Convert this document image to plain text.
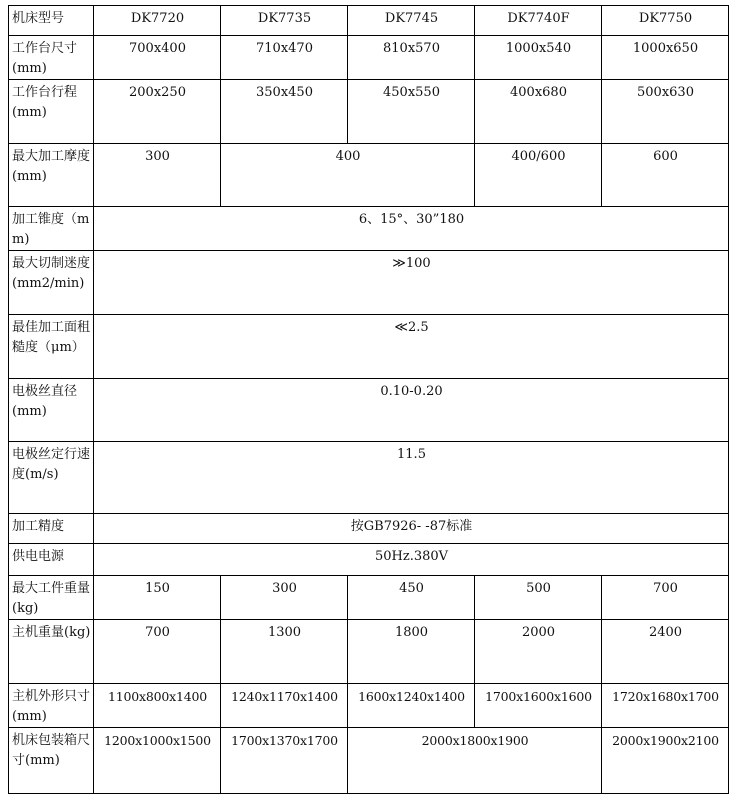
机床型号	DK7720	DK7735	DK7745	DK7740F	DK7750
工作台尺寸(mm)	700x400	710x470	810x570	1000x540	1000x650
工作台行程(mm)	200x250	350x450	450x550	400x680	500x630
最大加工摩度(mm)	300	400		400/600	600
加工锥度（mm)	6、15°、30”180				
最大切制迷度(mm2/min)	≫100				
最佳加工面租糙度（μm）	≪2.5				
电极丝直径(mm)	0.10-0.20				
电极丝定行速度(m/s)	11.5				
加工精度	按GB7926- -87标准				
供电电源	50Hz.380V				
最大工件重量(kg)	150	300	450	500	700
主机重量(kg)	700	1300	1800	2000	2400
主机外形只寸(mm)	1100x800x1400	1240x1170x1400	1600x1240x1400	1700x1600x1600	1720x1680x1700
机床包装箱尺寸(mm)	1200x1000x1500	1700x1370x1700	2000x1800x1900		2000x1900x2100
